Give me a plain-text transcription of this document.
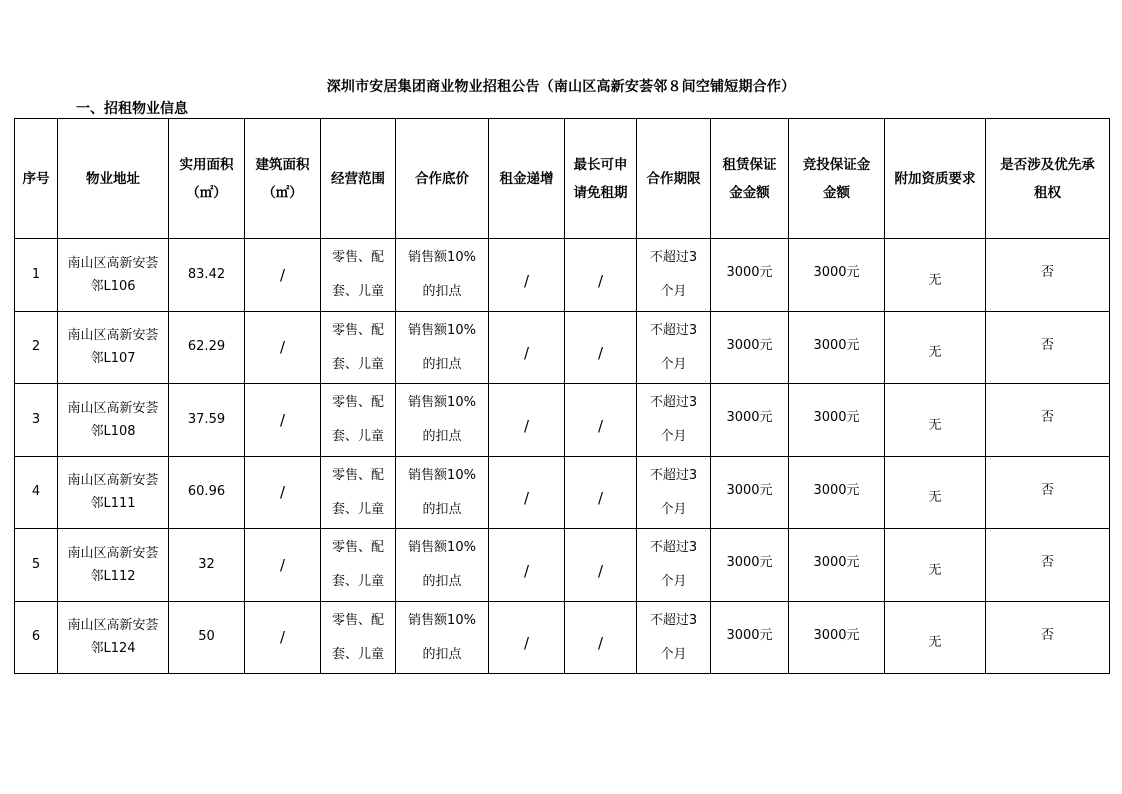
深圳市安居集团商业物业招租公告（南山区高新安荟邻８间空铺短期合作）
一、招租物业信息
序号	物业地址	实用面积
（㎡）	建筑面积
（㎡）	经营范围	合作底价	租金递增	最长可申
请免租期	合作期限	租赁保证
金金额	竞投保证金
金额	附加资质要求	是否涉及优先承
租权

1	南山区高新安荟
邻L106	83.42	/	零售、配
套、儿童	销售额10%
的扣点	/	/	不超过3
个月	3000元	3000元	无	否

2	南山区高新安荟
邻L107	62.29	/	零售、配
套、儿童	销售额10%
的扣点	/	/	不超过3
个月	3000元	3000元	无	否

3	南山区高新安荟
邻L108	37.59	/	零售、配
套、儿童	销售额10%
的扣点	/	/	不超过3
个月	3000元	3000元	无	否

4	南山区高新安荟
邻L111	60.96	/	零售、配
套、儿童	销售额10%
的扣点	/	/	不超过3
个月	3000元	3000元	无	否

5	南山区高新安荟
邻L112	32	/	零售、配
套、儿童	销售额10%
的扣点	/	/	不超过3
个月	3000元	3000元	无	否

6	南山区高新安荟
邻L124	50	/	零售、配
套、儿童	销售额10%
的扣点	/	/	不超过3
个月	3000元	3000元	无	否
